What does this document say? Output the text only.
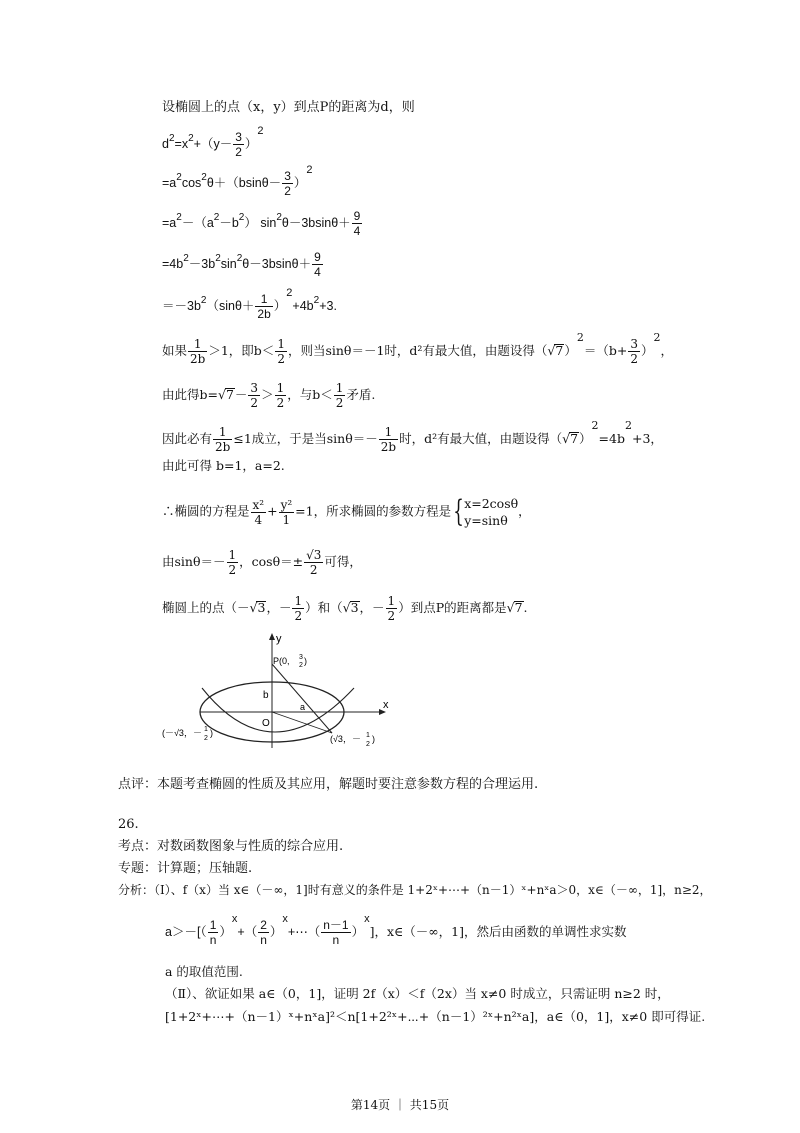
设椭圆上的点（x，y）到点P的距离为d，则
$d^2=x^2+(y- \frac{3}{2} )2$
$=a^2\cos^2\theta+(bsin\theta- \frac{3}{2} )2$
$=a^2-(a^2-b^2)$ $\sin^2\theta-3bsin\theta+ \frac{9}{4}$
$=4b^2-3b^2\sin^2\theta-3bsin\theta+ \frac{9}{4}$
$=-3b^2(\sin\theta+ \frac{1}{2b} )2+4b^2+3$.
如果 $\frac{1}{2b} >1$，即$b< \frac{1}{2}$ ，则当sinθ＝－1时，d²有最大值，由题设得$(√7)2=(b+ \frac{3}{2} )2$，
由此得$b=√7- \frac{3}{2} > \frac{1}{2}$ ，与$b< \frac{1}{2}$ 矛盾.
因此必有 $\frac{1}{2b} \le 1$成立，于是当$\sin\theta=- \frac{1}{2b}$ 时，d²有最大值，由题设得（√7）2=4b2+3，
由此可得 b=1，a=2.
∴椭圆的方程是 $\frac{\text{x²}}{4} + \frac{\text{y²}}{1} =1$，所求椭圆的参数方程是{x=2cosθ
y=sinθ，
由$\sin\theta=- \frac{1}{2}$ ，$\cos\theta=\pm \frac{√3}{2}$ 可得，
椭圆上的点（－√3，－ $\frac{1}{2}$ ）和（√3，－ $\frac{1}{2}$ ）到点P的距离都是√7.
y
x
P(0, 3
2 )
b
O
a
(－√3，－ 1
2
)
(√3，－ 1
2
)
点评：本题考查椭圆的性质及其应用，解题时要注意参数方程的合理运用.
26.
考点：对数函数图象与性质的综合应用.
专题：计算题；压轴题.
分析：（Ⅰ）、f（x）当 x∈（－∞，1]时有意义的条件是 1+2ˣ+⋯+（n－1）ˣ+nˣa＞0，x∈（－∞，1]，n≥2，
$a>-[( \frac{1}{n} )x+( \frac{2}{n}$ ）x+⋯（ $\frac{n-1}{n} )x$]，x∈（－∞，1]，然后由函数的单调性求实数
a 的取值范围.
（Ⅱ）、欲证如果 a∈（0，1]，证明 2f（x）＜f（2x）当 x≠0 时成立，只需证明 n≥2 时，
[1+2ˣ+⋯+（n－1）ˣ+nˣa]²＜n[1+2²ˣ+⋯+（n－1）²ˣ+n²ˣa]，a∈（0，1]，x≠0 即可得证.
第14页 ｜ 共15页
